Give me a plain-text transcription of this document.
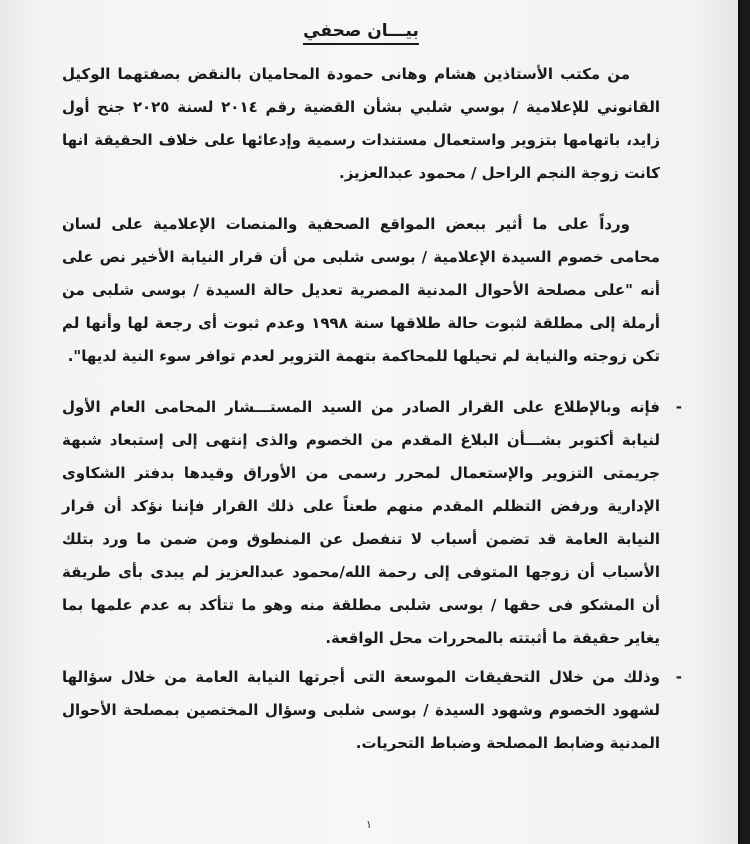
بيـــان صحفي

من مكتب الأستاذين هشام وهانى حمودة المحاميان بالنقض بصفتهما الوكيل القانوني للإعلامية / بوسي شلبي بشأن القضية رقم ٢٠١٤ لسنة ٢٠٢٥ جنح أول زايد، باتهامها بتزوير واستعمال مستندات رسمية وإدعائها على خلاف الحقيقة انها كانت زوجة النجم الراحل / محمود عبدالعزيز.

ورداً على ما أثير ببعض المواقع الصحفية والمنصات الإعلامية على لسان محامى خصوم السيدة الإعلامية / بوسى شلبى من أن قرار النيابة الأخير نص على أنه "على مصلحة الأحوال المدنية المصرية تعديل حالة السيدة / بوسى شلبى من أرملة إلى مطلقة لثبوت حالة طلاقها سنة ١٩٩٨ وعدم ثبوت أى رجعة لها وأنها لم تكن زوجته والنيابة لم تحيلها للمحاكمة بتهمة التزوير لعدم توافر سوء النية لديها".

- فإنه وبالإطلاع على القرار الصادر من السيد المستـــشار المحامى العام الأول لنيابة أكتوبر بشـــأن البلاغ المقدم من الخصوم والذى إنتهى إلى إستبعاد شبهة جريمتى التزوير والإستعمال لمحرر رسمى من الأوراق وقيدها بدفتر الشكاوى الإدارية ورفض التظلم المقدم منهم طعناً على ذلك القرار فإننا نؤكد أن قرار النيابة العامة قد تضمن أسباب لا تنفصل عن المنطوق ومن ضمن ما ورد بتلك الأسباب أن زوجها المتوفى إلى رحمة الله/محمود عبدالعزيز لم يبدى بأى طريقة أن المشكو فى حقها / بوسى شلبى مطلقة منه وهو ما تتأكد به عدم علمها بما يغاير حقيقة ما أثبتته بالمحررات محل الواقعة.
- وذلك من خلال التحقيقات الموسعة التى أجرتها النيابة العامة من خلال سؤالها لشهود الخصوم وشهود السيدة / بوسى شلبى وسؤال المختصين بمصلحة الأحوال المدنية وضابط المصلحة وضباط التحريات.
١
